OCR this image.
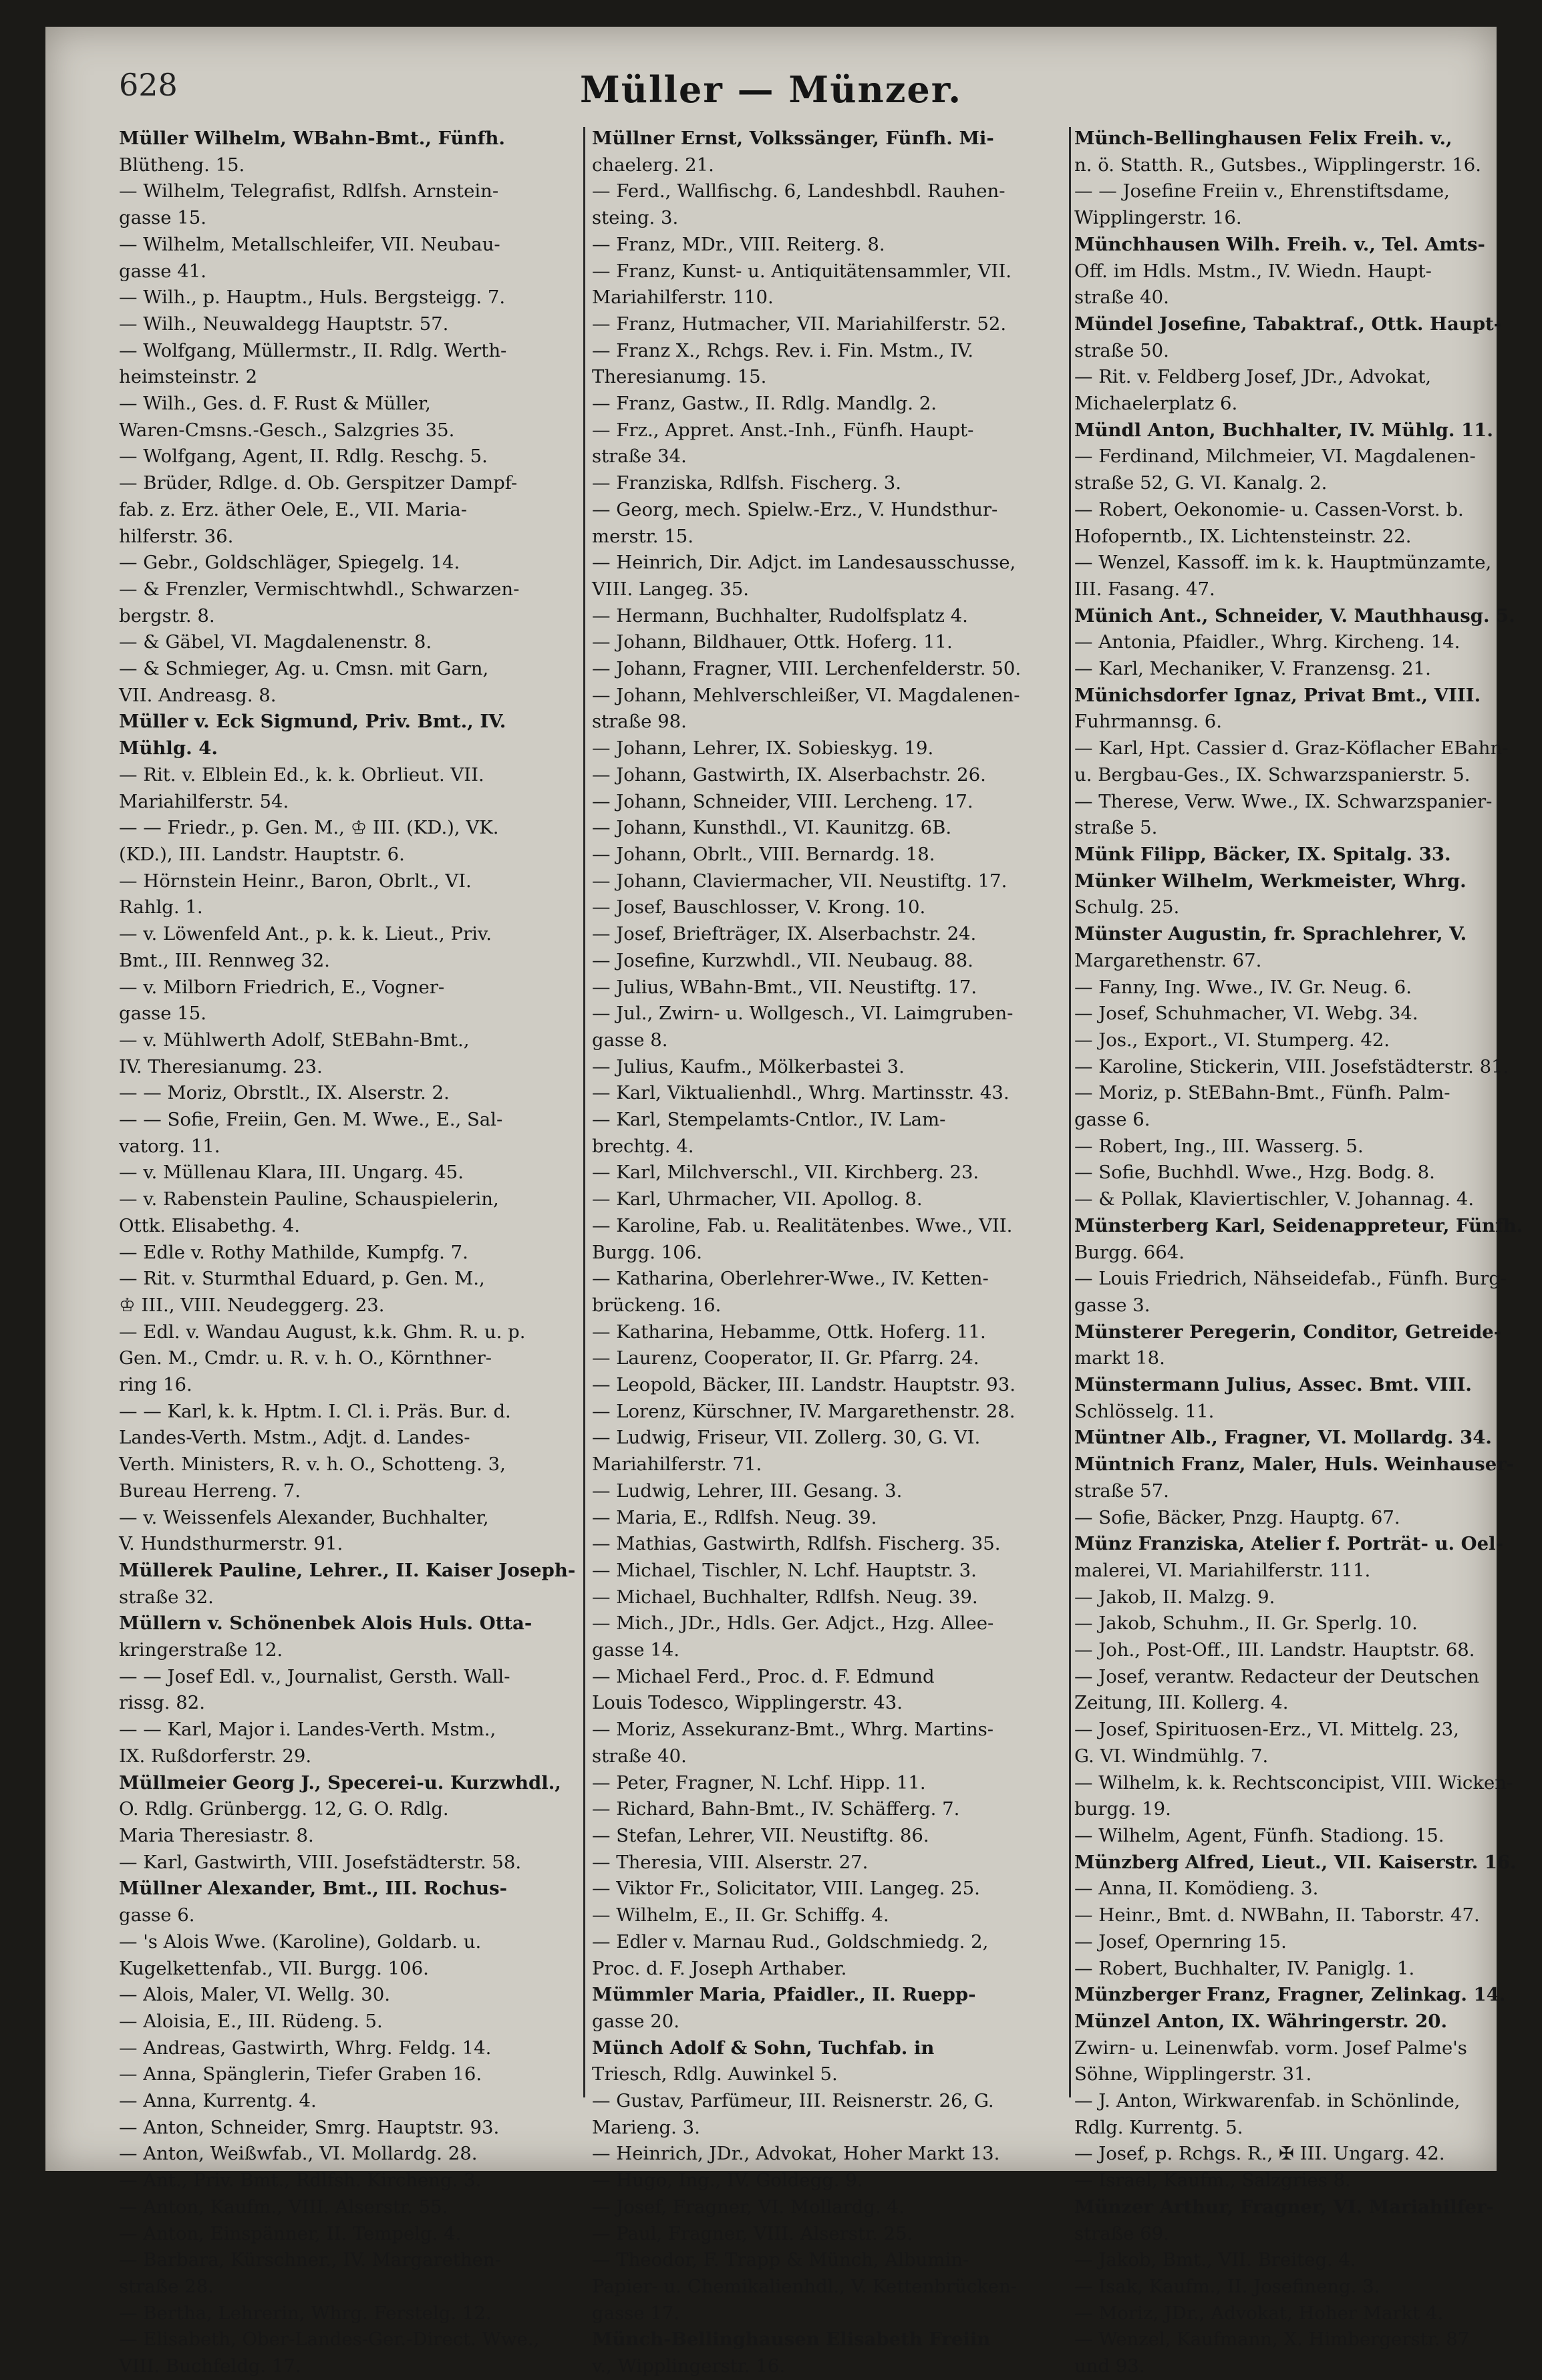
628	Müller — Münzer.
Müller Wilhelm, WBahn-Bmt., Fünfh.
Blütheng. 15.
— Wilhelm, Telegrafist, Rdlfsh. Arnstein-
gasse 15.
— Wilhelm, Metallschleifer, VII. Neubau-
gasse 41.
— Wilh., p. Hauptm., Huls. Bergsteigg. 7.
— Wilh., Neuwaldegg Hauptstr. 57.
— Wolfgang, Müllermstr., II. Rdlg. Werth-
heimsteinstr. 2
— Wilh., Ges. d. F. Rust & Müller,
Waren-Cmsns.-Gesch., Salzgries 35.
— Wolfgang, Agent, II. Rdlg. Reschg. 5.
— Brüder, Rdlge. d. Ob. Gerspitzer Dampf-
fab. z. Erz. äther Oele, E., VII. Maria-
hilferstr. 36.
— Gebr., Goldschläger, Spiegelg. 14.
— & Frenzler, Vermischtwhdl., Schwarzen-
bergstr. 8.
— & Gäbel, VI. Magdalenenstr. 8.
— & Schmieger, Ag. u. Cmsn. mit Garn,
VII. Andreasg. 8.
Müller v. Eck Sigmund, Priv. Bmt., IV.
Mühlg. 4.
— Rit. v. Elblein Ed., k. k. Obrlieut. VII.
Mariahilferstr. 54.
— — Friedr., p. Gen. M., ♔ III. (KD.), VK.
(KD.), III. Landstr. Hauptstr. 6.
— Hörnstein Heinr., Baron, Obrlt., VI.
Rahlg. 1.
— v. Löwenfeld Ant., p. k. k. Lieut., Priv.
Bmt., III. Rennweg 32.
— v. Milborn Friedrich, E., Vogner-
gasse 15.
— v. Mühlwerth Adolf, StEBahn-Bmt.,
IV. Theresianumg. 23.
— — Moriz, Obrstlt., IX. Alserstr. 2.
— — Sofie, Freiin, Gen. M. Wwe., E., Sal-
vatorg. 11.
— v. Müllenau Klara, III. Ungarg. 45.
— v. Rabenstein Pauline, Schauspielerin,
Ottk. Elisabethg. 4.
— Edle v. Rothy Mathilde, Kumpfg. 7.
— Rit. v. Sturmthal Eduard, p. Gen. M.,
♔ III., VIII. Neudeggerg. 23.
— Edl. v. Wandau August, k.k. Ghm. R. u. p.
Gen. M., Cmdr. u. R. v. h. O., Körnthner-
ring 16.
— — Karl, k. k. Hptm. I. Cl. i. Präs. Bur. d.
Landes-Verth. Mstm., Adjt. d. Landes-
Verth. Ministers, R. v. h. O., Schotteng. 3,
Bureau Herreng. 7.
— v. Weissenfels Alexander, Buchhalter,
V. Hundsthurmerstr. 91.
Müllerek Pauline, Lehrer., II. Kaiser Joseph-
straße 32.
Müllern v. Schönenbek Alois Huls. Otta-
kringerstraße 12.
— — Josef Edl. v., Journalist, Gersth. Wall-
rissg. 82.
— — Karl, Major i. Landes-Verth. Mstm.,
IX. Rußdorferstr. 29.
Müllmeier Georg J., Specerei-u. Kurzwhdl.,
O. Rdlg. Grünbergg. 12, G. O. Rdlg.
Maria Theresiastr. 8.
— Karl, Gastwirth, VIII. Josefstädterstr. 58.
Müllner Alexander, Bmt., III. Rochus-
gasse 6.
— 's Alois Wwe. (Karoline), Goldarb. u.
Kugelkettenfab., VII. Burgg. 106.
— Alois, Maler, VI. Wellg. 30.
— Aloisia, E., III. Rüdeng. 5.
— Andreas, Gastwirth, Whrg. Feldg. 14.
— Anna, Spänglerin, Tiefer Graben 16.
— Anna, Kurrentg. 4.
— Anton, Schneider, Smrg. Hauptstr. 93.
— Anton, Weißwfab., VI. Mollardg. 28.
— Ant., Priv. Bmt., Rdlfsh. Kircheng. 3.
— Anton, Kaufm., VIII. Alserstr. 55.
— Anton, Einspänner, II. Tempelg. 4.
— Barbara, Kürschner., IV. Margarethen-
straße 28.
— Bertha, Lehrerin, Whrg. Ferstelg. 12.
— Elisabeth, Ober-Landes-Ger.-Direct. Wwe.,
VIII. Buchfeldg. 17.
Müllner Ernst, Volkssänger, Fünfh. Mi-
chaelerg. 21.
— Ferd., Wallfischg. 6, Landeshbdl. Rauhen-
steing. 3.
— Franz, MDr., VIII. Reiterg. 8.
— Franz, Kunst- u. Antiquitätensammler, VII.
Mariahilferstr. 110.
— Franz, Hutmacher, VII. Mariahilferstr. 52.
— Franz X., Rchgs. Rev. i. Fin. Mstm., IV.
Theresianumg. 15.
— Franz, Gastw., II. Rdlg. Mandlg. 2.
— Frz., Appret. Anst.-Inh., Fünfh. Haupt-
straße 34.
— Franziska, Rdlfsh. Fischerg. 3.
— Georg, mech. Spielw.-Erz., V. Hundsthur-
merstr. 15.
— Heinrich, Dir. Adjct. im Landesausschusse,
VIII. Langeg. 35.
— Hermann, Buchhalter, Rudolfsplatz 4.
— Johann, Bildhauer, Ottk. Hoferg. 11.
— Johann, Fragner, VIII. Lerchenfelderstr. 50.
— Johann, Mehlverschleißer, VI. Magdalenen-
straße 98.
— Johann, Lehrer, IX. Sobieskyg. 19.
— Johann, Gastwirth, IX. Alserbachstr. 26.
— Johann, Schneider, VIII. Lercheng. 17.
— Johann, Kunsthdl., VI. Kaunitzg. 6B.
— Johann, Obrlt., VIII. Bernardg. 18.
— Johann, Claviermacher, VII. Neustiftg. 17.
— Josef, Bauschlosser, V. Krong. 10.
— Josef, Briefträger, IX. Alserbachstr. 24.
— Josefine, Kurzwhdl., VII. Neubaug. 88.
— Julius, WBahn-Bmt., VII. Neustiftg. 17.
— Jul., Zwirn- u. Wollgesch., VI. Laimgruben-
gasse 8.
— Julius, Kaufm., Mölkerbastei 3.
— Karl, Viktualienhdl., Whrg. Martinsstr. 43.
— Karl, Stempelamts-Cntlor., IV. Lam-
brechtg. 4.
— Karl, Milchverschl., VII. Kirchberg. 23.
— Karl, Uhrmacher, VII. Apollog. 8.
— Karoline, Fab. u. Realitätenbes. Wwe., VII.
Burgg. 106.
— Katharina, Oberlehrer-Wwe., IV. Ketten-
brückeng. 16.
— Katharina, Hebamme, Ottk. Hoferg. 11.
— Laurenz, Cooperator, II. Gr. Pfarrg. 24.
— Leopold, Bäcker, III. Landstr. Hauptstr. 93.
— Lorenz, Kürschner, IV. Margarethenstr. 28.
— Ludwig, Friseur, VII. Zollerg. 30, G. VI.
Mariahilferstr. 71.
— Ludwig, Lehrer, III. Gesang. 3.
— Maria, E., Rdlfsh. Neug. 39.
— Mathias, Gastwirth, Rdlfsh. Fischerg. 35.
— Michael, Tischler, N. Lchf. Hauptstr. 3.
— Michael, Buchhalter, Rdlfsh. Neug. 39.
— Mich., JDr., Hdls. Ger. Adjct., Hzg. Allee-
gasse 14.
— Michael Ferd., Proc. d. F. Edmund
Louis Todesco, Wipplingerstr. 43.
— Moriz, Assekuranz-Bmt., Whrg. Martins-
straße 40.
— Peter, Fragner, N. Lchf. Hipp. 11.
— Richard, Bahn-Bmt., IV. Schäfferg. 7.
— Stefan, Lehrer, VII. Neustiftg. 86.
— Theresia, VIII. Alserstr. 27.
— Viktor Fr., Solicitator, VIII. Langeg. 25.
— Wilhelm, E., II. Gr. Schiffg. 4.
— Edler v. Marnau Rud., Goldschmiedg. 2,
Proc. d. F. Joseph Arthaber.
Mümmler Maria, Pfaidler., II. Ruepp-
gasse 20.
Münch Adolf & Sohn, Tuchfab. in
Triesch, Rdlg. Auwinkel 5.
— Gustav, Parfümeur, III. Reisnerstr. 26, G.
Marieng. 3.
— Heinrich, JDr., Advokat, Hoher Markt 13.
— Hugo, Ing., IV. Goldegg. 9.
— Josef, Fragner, VI. Mollardg. 4.
— Paul, Fragner, VIII. Alserstr. 25.
— Theodor, F. Trapp & Münch, Albumin-
Papier- u. Chemikalienhdl., V. Kettenbrücken-
gasse 17.
Münch-Bellinghausen Elisabeth Freiin
v., Wipplingerstr. 16.
Münch-Bellinghausen Felix Freih. v.,
n. ö. Statth. R., Gutsbes., Wipplingerstr. 16.
— — Josefine Freiin v., Ehrenstiftsdame,
Wipplingerstr. 16.
Münchhausen Wilh. Freih. v., Tel. Amts-
Off. im Hdls. Mstm., IV. Wiedn. Haupt-
straße 40.
Mündel Josefine, Tabaktraf., Ottk. Haupt-
straße 50.
— Rit. v. Feldberg Josef, JDr., Advokat,
Michaelerplatz 6.
Mündl Anton, Buchhalter, IV. Mühlg. 11.
— Ferdinand, Milchmeier, VI. Magdalenen-
straße 52, G. VI. Kanalg. 2.
— Robert, Oekonomie- u. Cassen-Vorst. b.
Hofoperntb., IX. Lichtensteinstr. 22.
— Wenzel, Kassoff. im k. k. Hauptmünzamte,
III. Fasang. 47.
Münich Ant., Schneider, V. Mauthhausg. 5.
— Antonia, Pfaidler., Whrg. Kircheng. 14.
— Karl, Mechaniker, V. Franzensg. 21.
Münichsdorfer Ignaz, Privat Bmt., VIII.
Fuhrmannsg. 6.
— Karl, Hpt. Cassier d. Graz-Köflacher EBahn-
u. Bergbau-Ges., IX. Schwarzspanierstr. 5.
— Therese, Verw. Wwe., IX. Schwarzspanier-
straße 5.
Münk Filipp, Bäcker, IX. Spitalg. 33.
Münker Wilhelm, Werkmeister, Whrg.
Schulg. 25.
Münster Augustin, fr. Sprachlehrer, V.
Margarethenstr. 67.
— Fanny, Ing. Wwe., IV. Gr. Neug. 6.
— Josef, Schuhmacher, VI. Webg. 34.
— Jos., Export., VI. Stumperg. 42.
— Karoline, Stickerin, VIII. Josefstädterstr. 81.
— Moriz, p. StEBahn-Bmt., Fünfh. Palm-
gasse 6.
— Robert, Ing., III. Wasserg. 5.
— Sofie, Buchhdl. Wwe., Hzg. Bodg. 8.
— & Pollak, Klaviertischler, V. Johannag. 4.
Münsterberg Karl, Seidenappreteur, Fünfh.
Burgg. 664.
— Louis Friedrich, Nähseidefab., Fünfh. Burg-
gasse 3.
Münsterer Peregerin, Conditor, Getreide-
markt 18.
Münstermann Julius, Assec. Bmt. VIII.
Schlösselg. 11.
Müntner Alb., Fragner, VI. Mollardg. 34.
Müntnich Franz, Maler, Huls. Weinhauser-
straße 57.
— Sofie, Bäcker, Pnzg. Hauptg. 67.
Münz Franziska, Atelier f. Porträt- u. Oel-
malerei, VI. Mariahilferstr. 111.
— Jakob, II. Malzg. 9.
— Jakob, Schuhm., II. Gr. Sperlg. 10.
— Joh., Post-Off., III. Landstr. Hauptstr. 68.
— Josef, verantw. Redacteur der Deutschen
Zeitung, III. Kollerg. 4.
— Josef, Spirituosen-Erz., VI. Mittelg. 23,
G. VI. Windmühlg. 7.
— Wilhelm, k. k. Rechtsconcipist, VIII. Wicken-
burgg. 19.
— Wilhelm, Agent, Fünfh. Stadiong. 15.
Münzberg Alfred, Lieut., VII. Kaiserstr. 16.
— Anna, II. Komödieng. 3.
— Heinr., Bmt. d. NWBahn, II. Taborstr. 47.
— Josef, Opernring 15.
— Robert, Buchhalter, IV. Paniglg. 1.
Münzberger Franz, Fragner, Zelinkag. 14.
Münzel Anton, IX. Währingerstr. 20.
Zwirn- u. Leinenwfab. vorm. Josef Palme's
Söhne, Wipplingerstr. 31.
— J. Anton, Wirkwarenfab. in Schönlinde,
Rdlg. Kurrentg. 5.
— Josef, p. Rchgs. R., ✠ III. Ungarg. 42.
— Israel, Kaufm., Salzgries 8.
Münzer Arthur, Fragner, VI. Mariahilfer-
straße 69.
— Jakob, Bmt., VII. Breiteg. 4.
— Isak, Kaufm., II. Josefineng. 3.
— Moriz, JDr., Advokat, Hoher Markt 4.
— Wenzel, Kaufmann, X. Himbergerstr. 87
und 93.
